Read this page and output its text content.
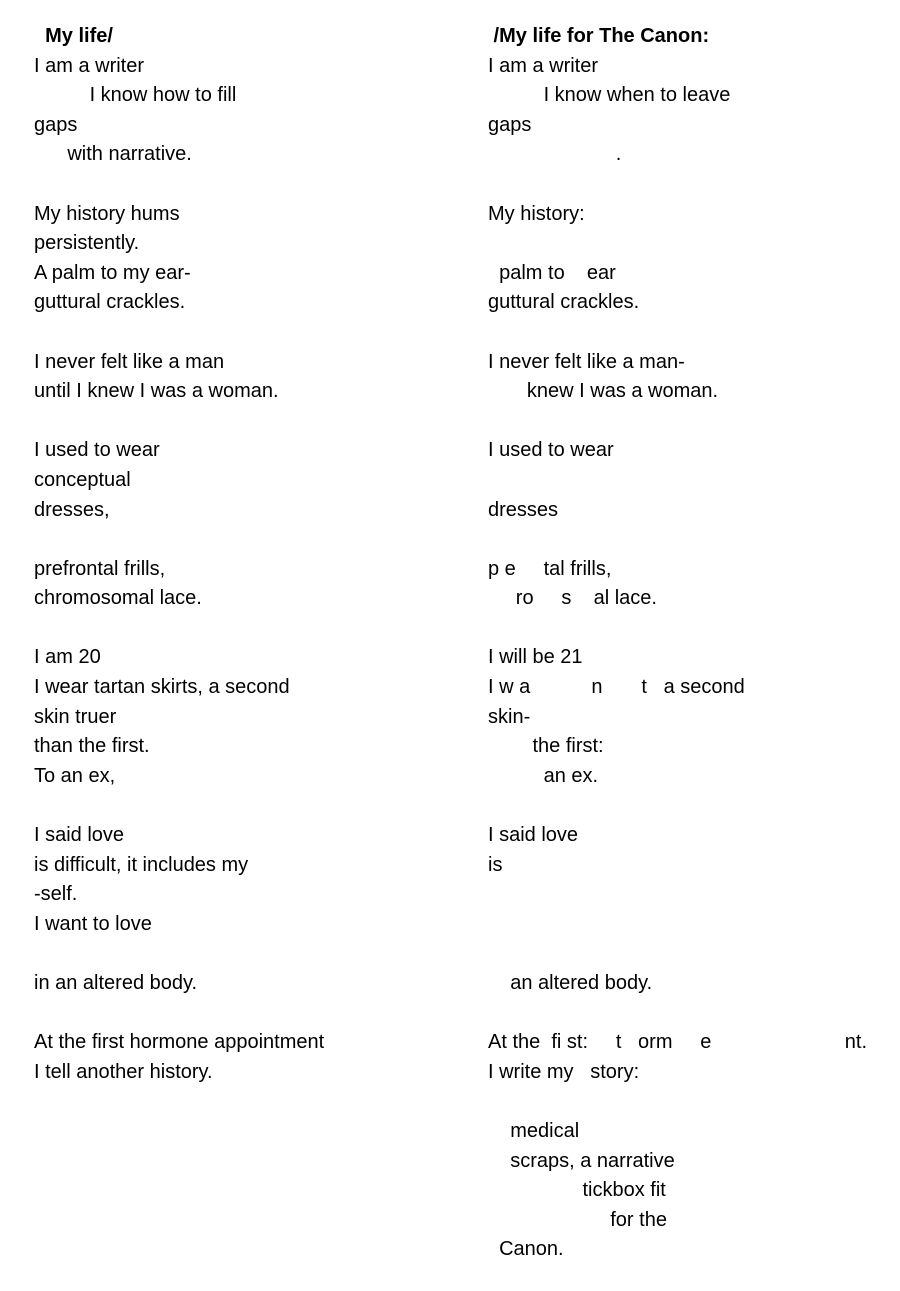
My life/
I am a writer
I know how to fill
gaps
with narrative.
My history hums
persistently.
A palm to my ear-
guttural crackles.
I never felt like a man
until I knew I was a woman.
I used to wear
conceptual
dresses,
prefrontal frills,
chromosomal lace.
I am 20
I wear tartan skirts, a second
skin truer
than the first.
To an ex,
I said love
is difficult, it includes my
-self.
I want to love
in an altered body.
At the first hormone appointment
I tell another history.
/My life for The Canon:
I am a writer
I know when to leave
gaps
.
My history:
palm to    ear
guttural crackles.
I never felt like a man-
knew I was a woman.
I used to wear
dresses
p e     tal frills,
ro     s    al lace.
I will be 21
I w a           n       t   a second
skin-
the first:
an ex.
I said love
is
an altered body.
At the  fi st:     t   orm     e                        nt.
I write my   story:
medical
scraps, a narrative
tickbox fit
for the
Canon.
